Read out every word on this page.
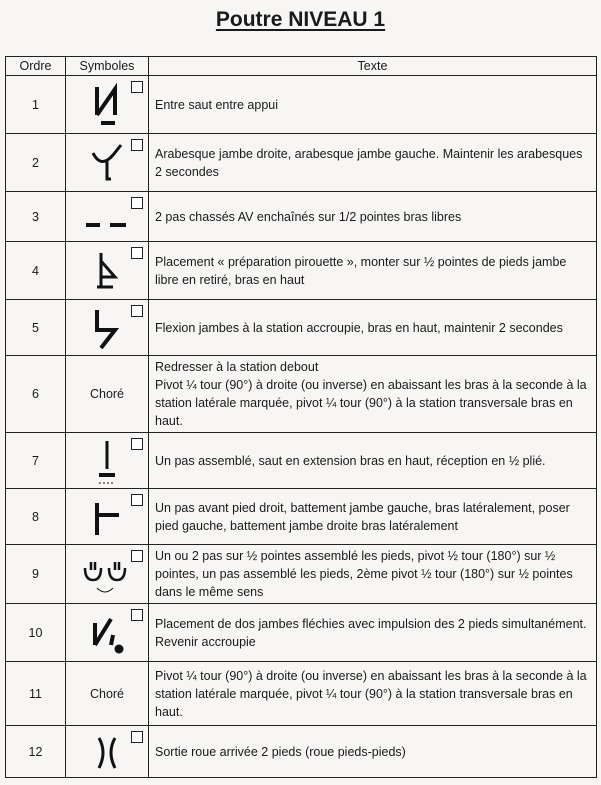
Poutre NIVEAU 1
Ordre	Symboles	Texte
1		Entre saut entre appui
2		Arabesque jambe droite, arabesque jambe gauche. Maintenir les arabesques 2 secondes
3		2 pas chassés AV enchaînés sur 1/2 pointes bras libres
4		Placement « préparation pirouette », monter sur ½ pointes de pieds jambe libre en retiré, bras en haut
5		Flexion jambes à la station accroupie, bras en haut, maintenir 2 secondes
6	Choré	Redresser à la station debout
Pivot ¼ tour (90°) à droite (ou inverse) en abaissant les bras à la seconde à la station latérale marquée, pivot ¼ tour (90°) à la station transversale bras en haut.
7		Un pas assemblé, saut en extension bras en haut, réception en ½ plié.
8		Un pas avant pied droit, battement jambe gauche, bras latéralement, poser pied gauche, battement jambe droite bras latéralement
9		Un ou 2 pas sur ½ pointes assemblé les pieds, pivot ½ tour (180°) sur ½ pointes, un pas assemblé les pieds, 2ème pivot ½ tour (180°) sur ½ pointes dans le même sens
10		Placement de dos jambes fléchies avec impulsion des 2 pieds simultanément. Revenir accroupie
11	Choré	Pivot ¼ tour (90°) à droite (ou inverse) en abaissant les bras à la seconde à la station latérale marquée, pivot ¼ tour (90°) à la station transversale bras en haut.
12		Sortie roue arrivée 2 pieds (roue pieds-pieds)
